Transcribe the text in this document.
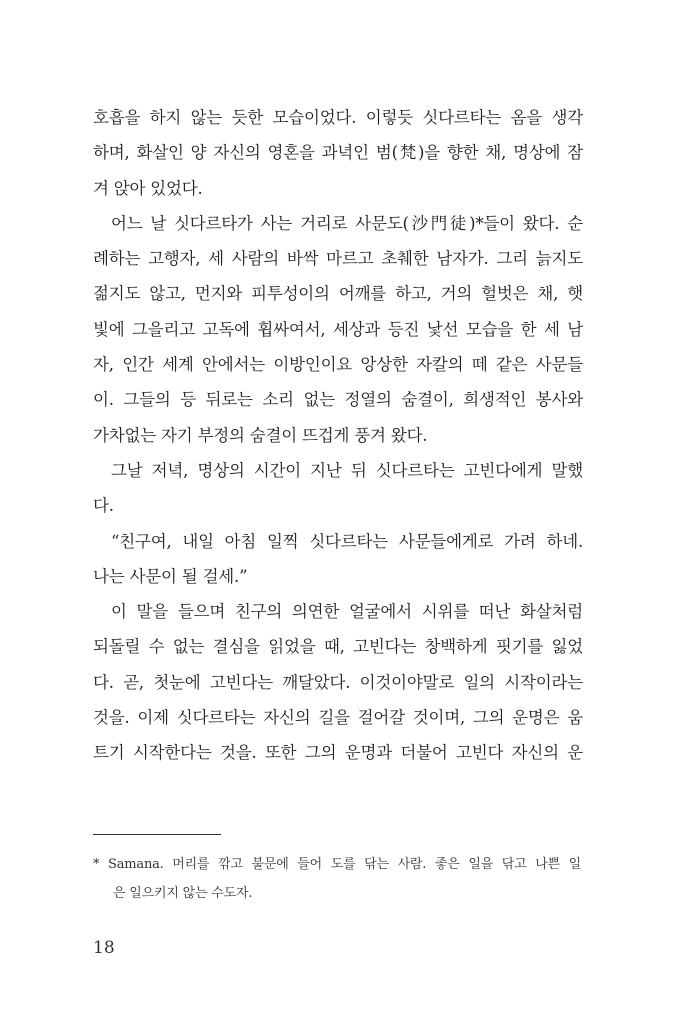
호흡을 하지 않는 듯한 모습이었다. 이렇듯 싯다르타는 옴을 생각
하며, 화살인 양 자신의 영혼을 과녁인 범(梵)을 향한 채, 명상에 잠
겨 앉아 있었다.
어느 날 싯다르타가 사는 거리로 사문도(沙門徒)*들이 왔다. 순
례하는 고행자, 세 사람의 바싹 마르고 초췌한 남자가. 그리 늙지도
젊지도 않고, 먼지와 피투성이의 어깨를 하고, 거의 헐벗은 채, 햇
빛에 그을리고 고독에 휩싸여서, 세상과 등진 낯선 모습을 한 세 남
자, 인간 세계 안에서는 이방인이요 앙상한 자칼의 떼 같은 사문들
이. 그들의 등 뒤로는 소리 없는 정열의 숨결이, 희생적인 봉사와
가차없는 자기 부정의 숨결이 뜨겁게 풍겨 왔다.
그날 저녁, 명상의 시간이 지난 뒤 싯다르타는 고빈다에게 말했
다.
“친구여, 내일 아침 일찍 싯다르타는 사문들에게로 가려 하네.
나는 사문이 될 걸세.”
이 말을 들으며 친구의 의연한 얼굴에서 시위를 떠난 화살처럼
되돌릴 수 없는 결심을 읽었을 때, 고빈다는 창백하게 핏기를 잃었
다. 곧, 첫눈에 고빈다는 깨달았다. 이것이야말로 일의 시작이라는
것을. 이제 싯다르타는 자신의 길을 걸어갈 것이며, 그의 운명은 움
트기 시작한다는 것을. 또한 그의 운명과 더불어 고빈다 자신의 운
* Samana. 머리를 깎고 불문에 들어 도를 닦는 사람. 좋은 일을 닦고 나쁜 일
은 일으키지 않는 수도자.
18
